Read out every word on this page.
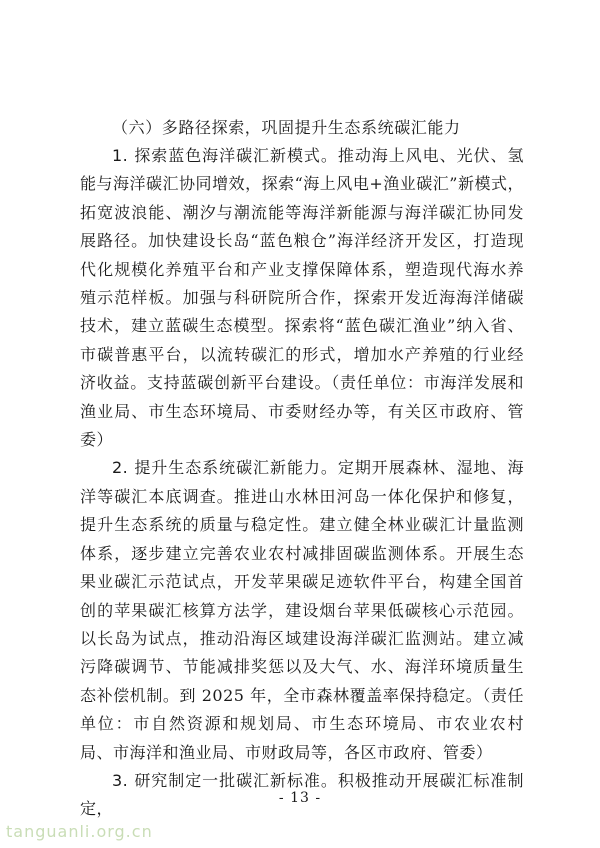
（六）多路径探索，巩固提升生态系统碳汇能力

1. 探索蓝色海洋碳汇新模式。推动海上风电、光伏、氢能与海洋碳汇协同增效，探索“海上风电+渔业碳汇”新模式，拓宽波浪能、潮汐与潮流能等海洋新能源与海洋碳汇协同发展路径。加快建设长岛“蓝色粮仓”海洋经济开发区，打造现代化规模化养殖平台和产业支撑保障体系，塑造现代海水养殖示范样板。加强与科研院所合作，探索开发近海海洋储碳技术，建立蓝碳生态模型。探索将“蓝色碳汇渔业”纳入省、市碳普惠平台，以流转碳汇的形式，增加水产养殖的行业经济收益。支持蓝碳创新平台建设。（责任单位：市海洋发展和渔业局、市生态环境局、市委财经办等，有关区市政府、管委）

2. 提升生态系统碳汇新能力。定期开展森林、湿地、海洋等碳汇本底调查。推进山水林田河岛一体化保护和修复，提升生态系统的质量与稳定性。建立健全林业碳汇计量监测体系，逐步建立完善农业农村减排固碳监测体系。开展生态果业碳汇示范试点，开发苹果碳足迹软件平台，构建全国首创的苹果碳汇核算方法学，建设烟台苹果低碳核心示范园。以长岛为试点，推动沿海区域建设海洋碳汇监测站。建立减污降碳调节、节能减排奖惩以及大气、水、海洋环境质量生态补偿机制。到 2025 年，全市森林覆盖率保持稳定。（责任单位：市自然资源和规划局、市生态环境局、市农业农村局、市海洋和渔业局、市财政局等，各区市政府、管委）

3. 研究制定一批碳汇新标准。积极推动开展碳汇标准制定，

- 13 -
tanguanli.org.cn
